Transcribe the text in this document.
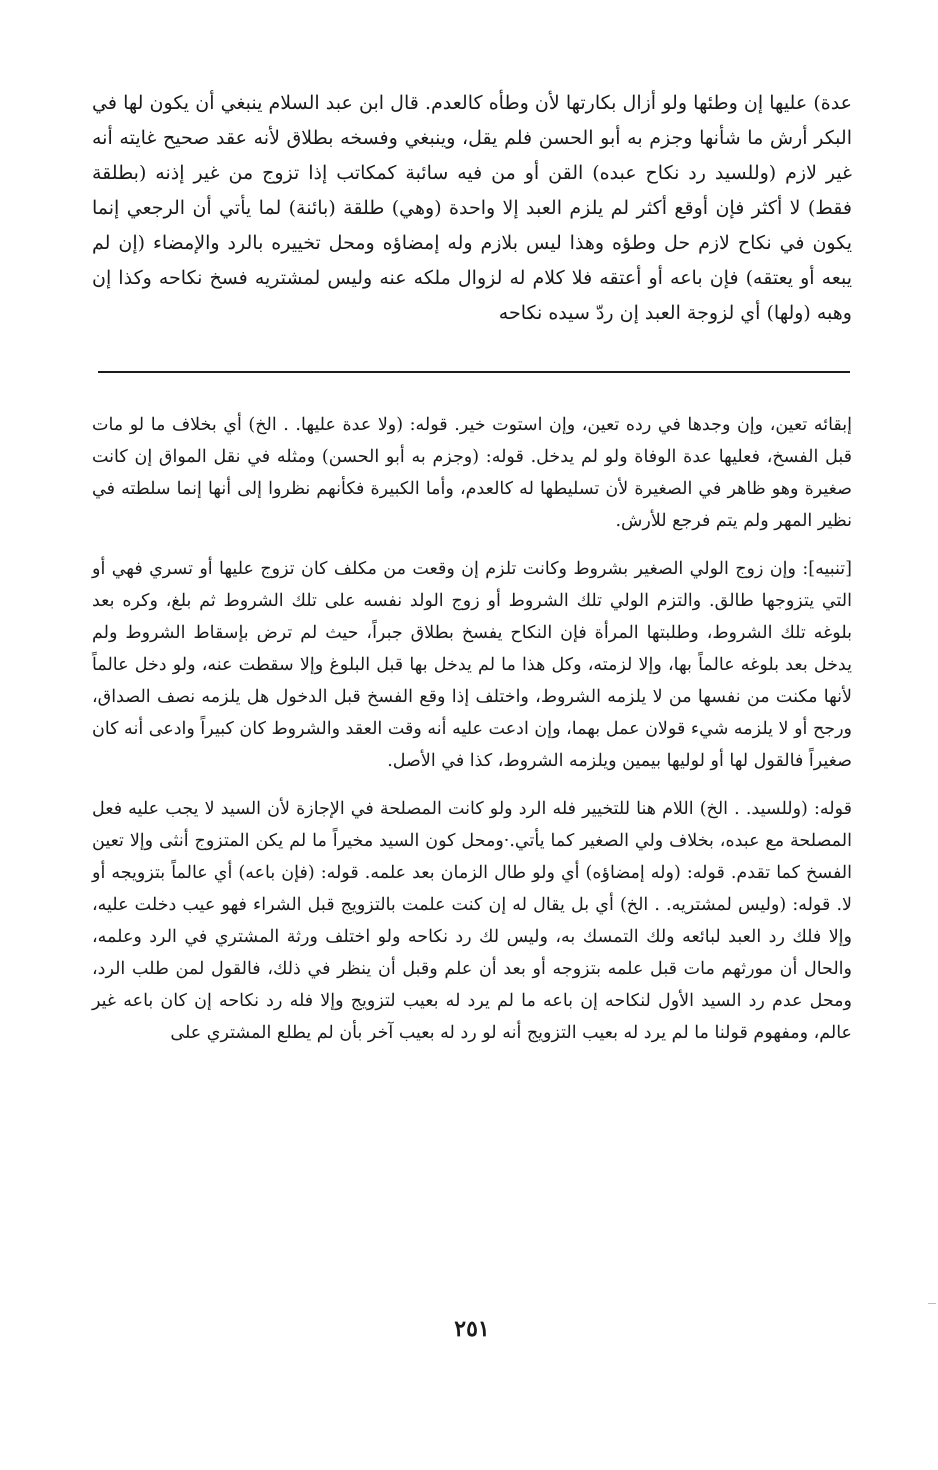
عدة) عليها إن وطئها ولو أزال بكارتها لأن وطأه كالعدم. قال ابن عبد السلام ينبغي أن يكون لها في البكر أرش ما شأنها وجزم به أبو الحسن فلم يقل، وينبغي وفسخه بطلاق لأنه عقد صحيح غايته أنه غير لازم (وللسيد رد نكاح عبده) القن أو من فيه سائبة كمكاتب إذا تزوج من غير إذنه (بطلقة فقط) لا أكثر فإن أوقع أكثر لم يلزم العبد إلا واحدة (وهي) طلقة (بائنة) لما يأتي أن الرجعي إنما يكون في نكاح لازم حل وطؤه وهذا ليس بلازم وله إمضاؤه ومحل تخييره بالرد والإمضاء (إن لم يبعه أو يعتقه) فإن باعه أو أعتقه فلا كلام له لزوال ملكه عنه وليس لمشتريه فسخ نكاحه وكذا إن وهبه (ولها) أي لزوجة العبد إن ردّ سيده نكاحه

إبقائه تعين، وإن وجدها في رده تعين، وإن استوت خير. قوله: (ولا عدة عليها. . الخ) أي بخلاف ما لو مات قبل الفسخ، فعليها عدة الوفاة ولو لم يدخل. قوله: (وجزم به أبو الحسن) ومثله في نقل المواق إن كانت صغيرة وهو ظاهر في الصغيرة لأن تسليطها له كالعدم، وأما الكبيرة فكأنهم نظروا إلى أنها إنما سلطته في نظير المهر ولم يتم فرجع للأرش.

[تنبيه]: وإن زوج الولي الصغير بشروط وكانت تلزم إن وقعت من مكلف كان تزوج عليها أو تسري فهي أو التي يتزوجها طالق. والتزم الولي تلك الشروط أو زوج الولد نفسه على تلك الشروط ثم بلغ، وكره بعد بلوغه تلك الشروط، وطلبتها المرأة فإن النكاح يفسخ بطلاق جبراً، حيث لم ترض بإسقاط الشروط ولم يدخل بعد بلوغه عالماً بها، وإلا لزمته، وكل هذا ما لم يدخل بها قبل البلوغ وإلا سقطت عنه، ولو دخل عالماً لأنها مكنت من نفسها من لا يلزمه الشروط، واختلف إذا وقع الفسخ قبل الدخول هل يلزمه نصف الصداق، ورجح أو لا يلزمه شيء قولان عمل بهما، وإن ادعت عليه أنه وقت العقد والشروط كان كبيراً وادعى أنه كان صغيراً فالقول لها أو لوليها بيمين ويلزمه الشروط، كذا في الأصل.

قوله: (وللسيد. . الخ) اللام هنا للتخيير فله الرد ولو كانت المصلحة في الإجازة لأن السيد لا يجب عليه فعل المصلحة مع عبده، بخلاف ولي الصغير كما يأتي.·ومحل كون السيد مخيراً ما لم يكن المتزوج أنثى وإلا تعين الفسخ كما تقدم. قوله: (وله إمضاؤه) أي ولو طال الزمان بعد علمه. قوله: (فإن باعه) أي عالماً بتزويجه أو لا. قوله: (وليس لمشتريه. . الخ) أي بل يقال له إن كنت علمت بالتزويج قبل الشراء فهو عيب دخلت عليه، وإلا فلك رد العبد لبائعه ولك التمسك به، وليس لك رد نكاحه ولو اختلف ورثة المشتري في الرد وعلمه، والحال أن مورثهم مات قبل علمه بتزوجه أو بعد أن علم وقبل أن ينظر في ذلك، فالقول لمن طلب الرد، ومحل عدم رد السيد الأول لنكاحه إن باعه ما لم يرد له بعيب لتزويج وإلا فله رد نكاحه إن كان باعه غير عالم، ومفهوم قولنا ما لم يرد له بعيب التزويج أنه لو رد له بعيب آخر بأن لم يطلع المشتري على

٢٥١
